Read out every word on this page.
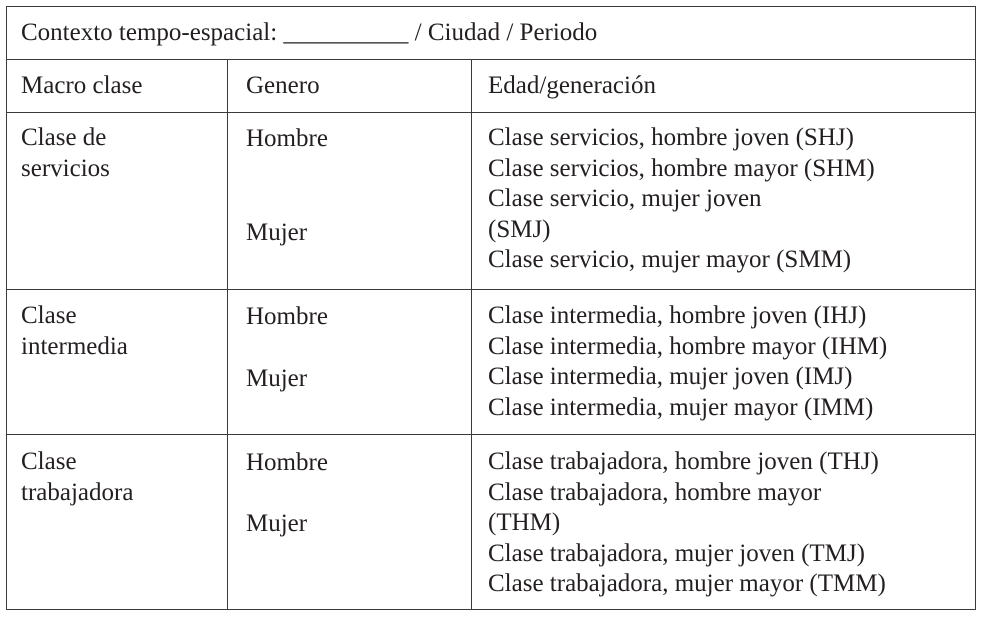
Contexto tempo-espacial: __________ / Ciudad / Periodo
Macro clase	Genero	Edad/generación
Clase de
servicios
Hombre
Mujer
Clase servicios, hombre joven (SHJ)
Clase servicios, hombre mayor (SHM)
Clase servicio, mujer joven
(SMJ)
Clase servicio, mujer mayor (SMM)
Clase
intermedia
Hombre
Mujer
Clase intermedia, hombre joven (IHJ)
Clase intermedia, hombre mayor (IHM)
Clase intermedia, mujer joven (IMJ)
Clase intermedia, mujer mayor (IMM)
Clase
trabajadora
Hombre
Mujer
Clase trabajadora, hombre joven (THJ)
Clase trabajadora, hombre mayor
(THM)
Clase trabajadora, mujer joven (TMJ)
Clase trabajadora, mujer mayor (TMM)
